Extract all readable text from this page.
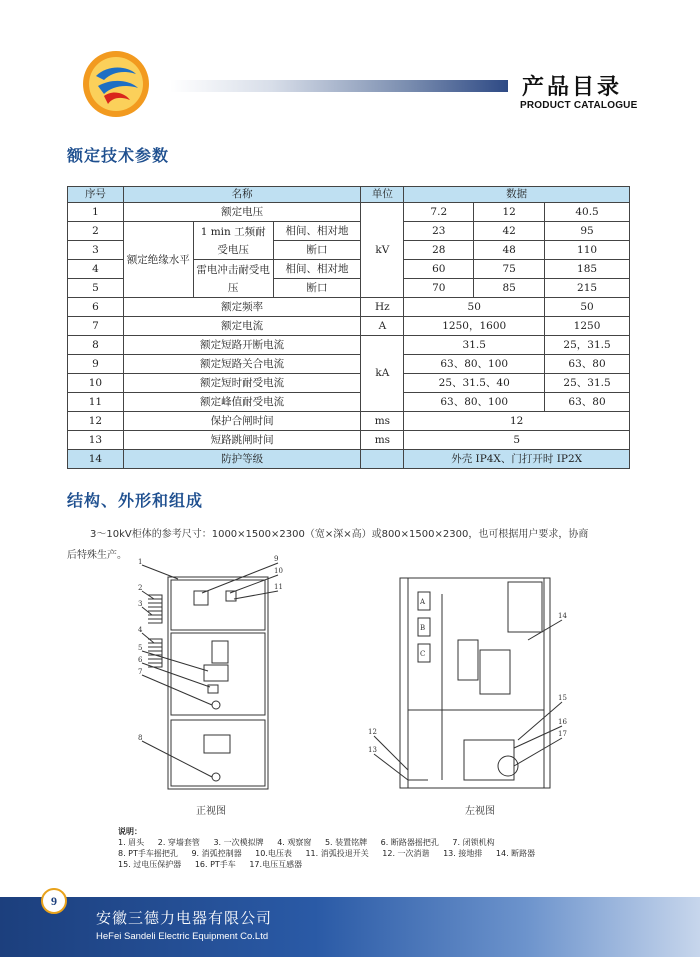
产品目录
PRODUCT CATALOGUE
额定技术参数
序号	名称			单位	数据		
1	额定电压			kV	7.2	12	40.5
2	额定绝缘水平	1 min 工频耐受电压	相间、相对地		23	42	95
3			断口		28	48	110
4		雷电冲击耐受电压	相间、相对地		60	75	185
5			断口		70	85	215
6	额定频率			Hz	50		50
7	额定电流			A	1250，1600		1250
8	额定短路开断电流			kA	31.5		25，31.5
9	额定短路关合电流				63、80、100		63、80
10	额定短时耐受电流				25、31.5、40		25、31.5
11	额定峰值耐受电流				63、80、100		63、80
12	保护合闸时间			ms	12		
13	短路跳闸时间			ms	5		
14	防护等级				外壳 IP4X、门打开时 IP2X		
结构、外形和组成
3～10kV柜体的参考尺寸：1000×1500×2300（宽×深×高）或800×1500×2300，也可根据用户要求，协商
后特殊生产。
1
2
3
4
5
6
7
8
9
10
11
正视图
A
B
C
12
13
14
15
16
17
左视图
说明：
1. 眉头 2. 穿墙套管 3. 一次模拟牌 4. 观察窗 5. 装置铭牌 6. 断路器摇把孔 7. 闭锁机构
8. PT手车摇把孔 9. 消弧控制器 10.电压表 11. 消弧投退开关 12. 一次消谐 13. 接地排 14. 断路器
15. 过电压保护器 16. PT手车 17.电压互感器
9
安徽三德力电器有限公司
HeFei Sandeli Electric Equipment Co.Ltd
